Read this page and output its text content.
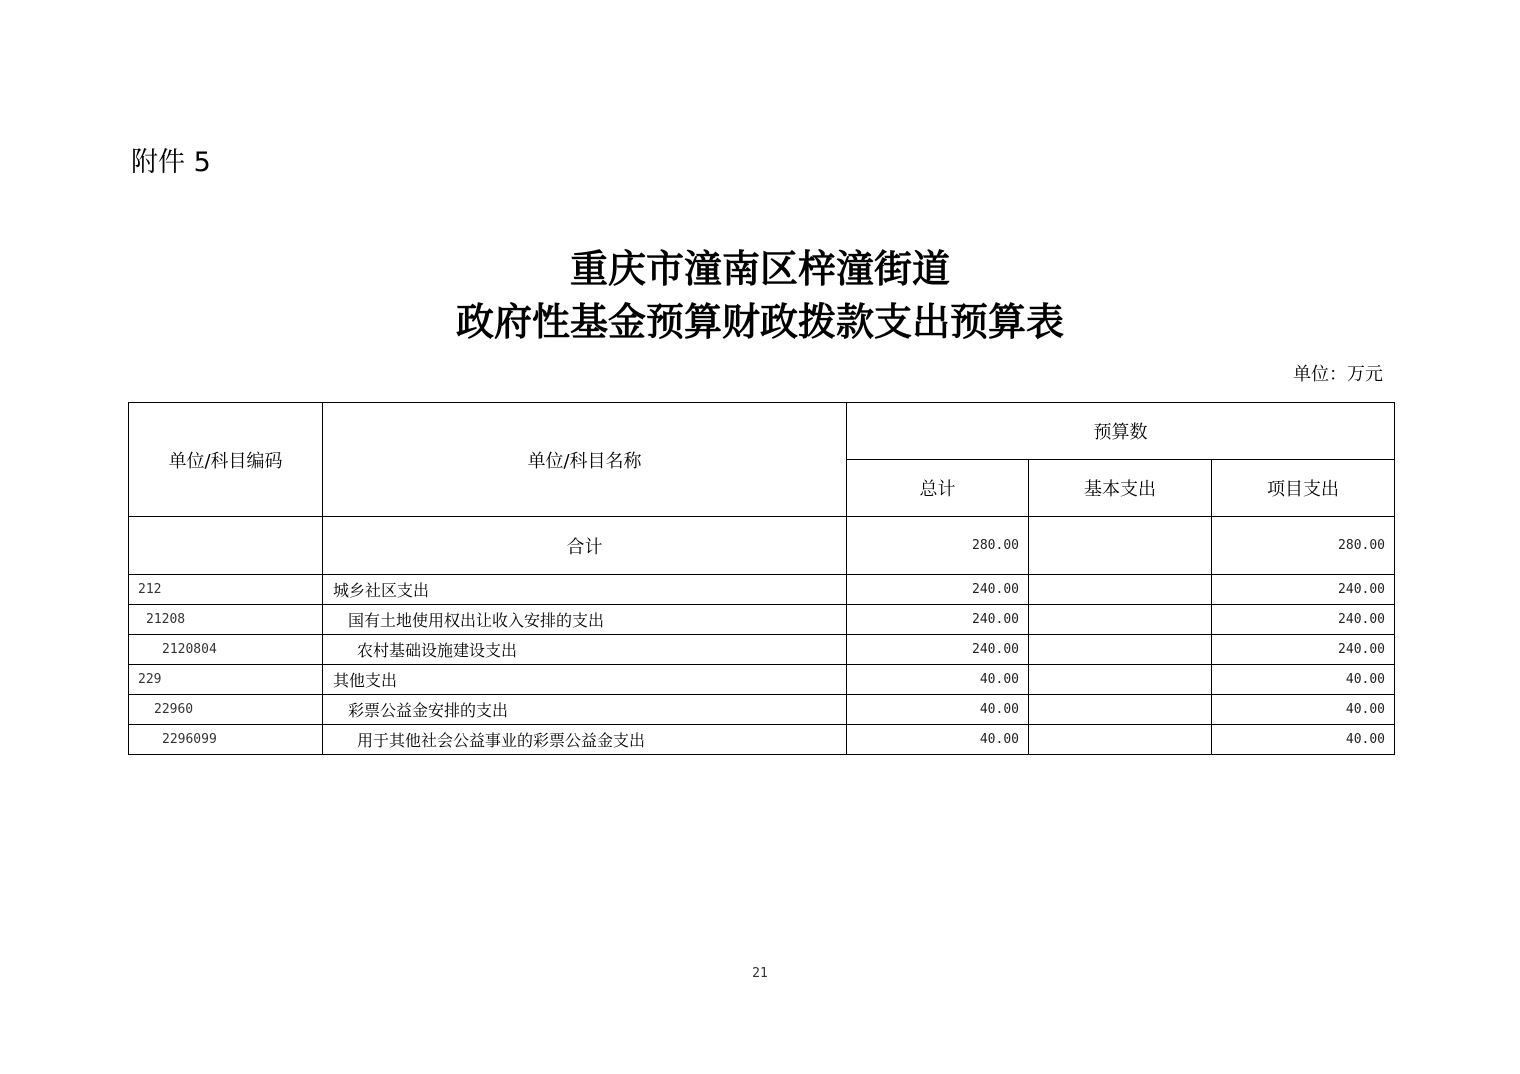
附件 5
重庆市潼南区梓潼街道
政府性基金预算财政拨款支出预算表
单位：万元
单位/科目编码	单位/科目名称	预算数		
		总计	基本支出	项目支出
	合计	280.00		280.00
212	城乡社区支出	240.00		240.00
21208	国有土地使用权出让收入安排的支出	240.00		240.00
2120804	农村基础设施建设支出	240.00		240.00
229	其他支出	40.00		40.00
22960	彩票公益金安排的支出	40.00		40.00
2296099	用于其他社会公益事业的彩票公益金支出	40.00		40.00
21
